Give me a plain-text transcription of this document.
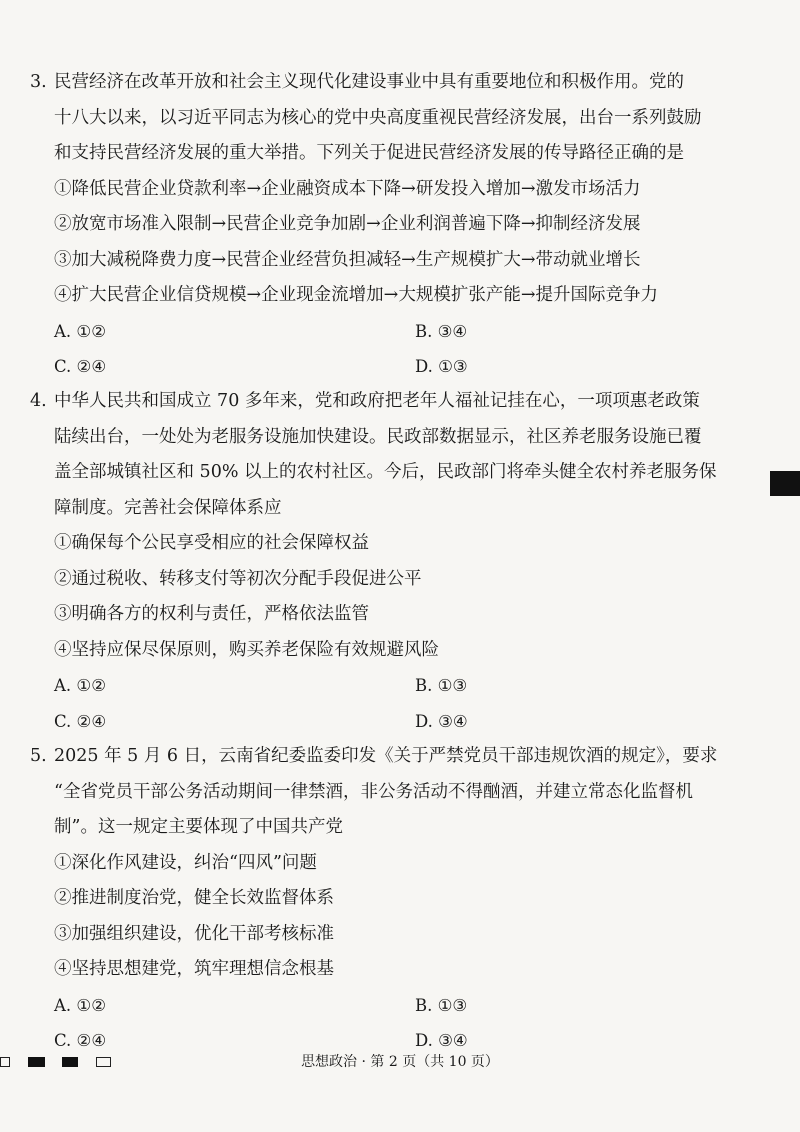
3. 民营经济在改革开放和社会主义现代化建设事业中具有重要地位和积极作用。党的
十八大以来，以习近平同志为核心的党中央高度重视民营经济发展，出台一系列鼓励
和支持民营经济发展的重大举措。下列关于促进民营经济发展的传导路径正确的是
①降低民营企业贷款利率→企业融资成本下降→研发投入增加→激发市场活力
②放宽市场准入限制→民营企业竞争加剧→企业利润普遍下降→抑制经济发展
③加大减税降费力度→民营企业经营负担减轻→生产规模扩大→带动就业增长
④扩大民营企业信贷规模→企业现金流增加→大规模扩张产能→提升国际竞争力
A. ①②	B. ③④
C. ②④	D. ①③
4. 中华人民共和国成立 70 多年来，党和政府把老年人福祉记挂在心，一项项惠老政策
陆续出台，一处处为老服务设施加快建设。民政部数据显示，社区养老服务设施已覆
盖全部城镇社区和 50% 以上的农村社区。今后，民政部门将牵头健全农村养老服务保
障制度。完善社会保障体系应
①确保每个公民享受相应的社会保障权益
②通过税收、转移支付等初次分配手段促进公平
③明确各方的权利与责任，严格依法监管
④坚持应保尽保原则，购买养老保险有效规避风险
A. ①②	B. ①③
C. ②④	D. ③④
5. 2025 年 5 月 6 日，云南省纪委监委印发《关于严禁党员干部违规饮酒的规定》，要求
“全省党员干部公务活动期间一律禁酒，非公务活动不得酗酒，并建立常态化监督机
制”。这一规定主要体现了中国共产党
①深化作风建设，纠治“四风”问题
②推进制度治党，健全长效监督体系
③加强组织建设，优化干部考核标准
④坚持思想建党，筑牢理想信念根基
A. ①②	B. ①③
C. ②④	D. ③④
思想政治 · 第 2 页（共 10 页）
